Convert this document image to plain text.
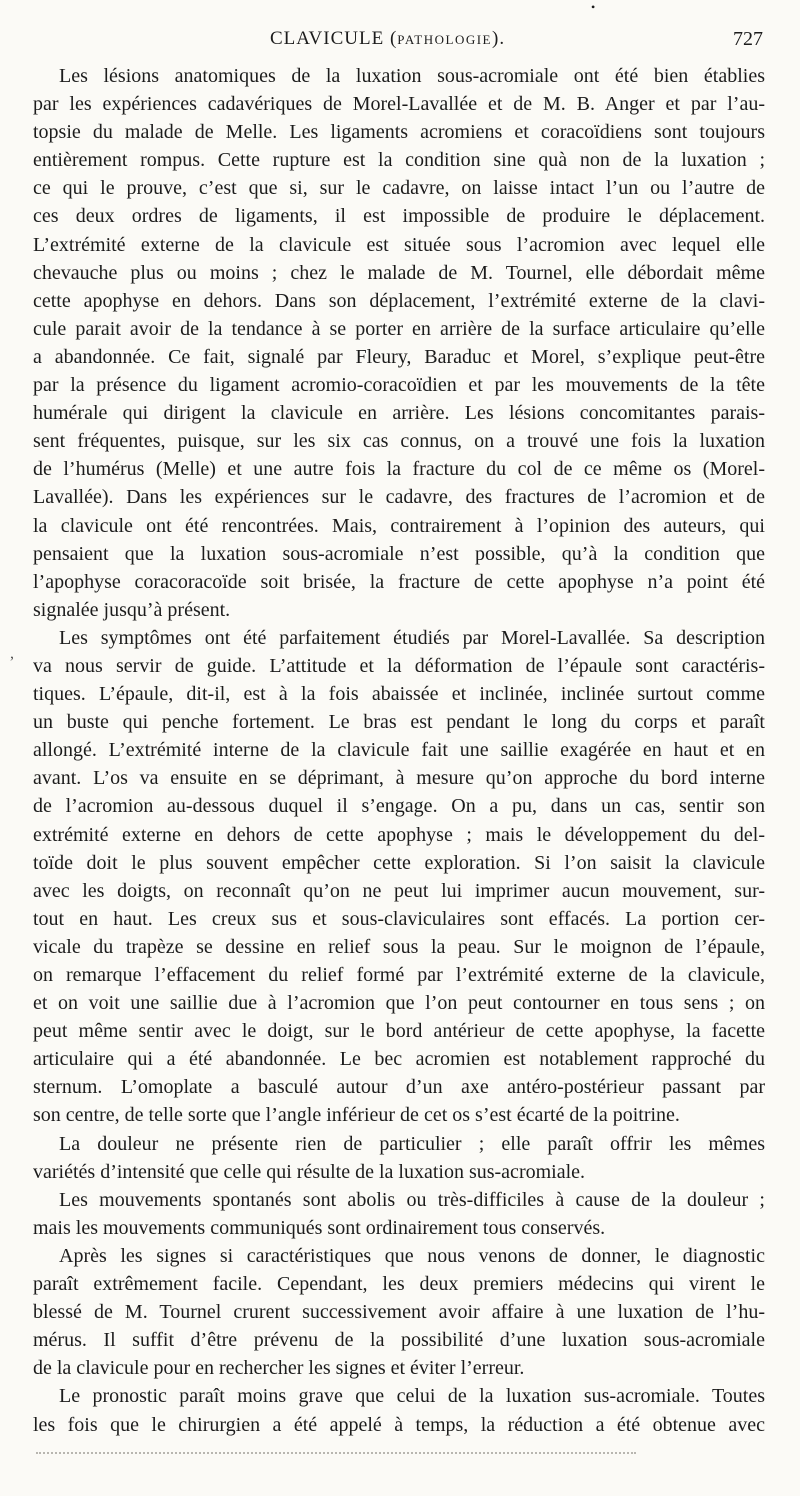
•
CLAVICULE (PATHOLOGIE).	727
,
Les lésions anatomiques de la luxation sous-acromiale ont été bien établies
par les expériences cadavériques de Morel-Lavallée et de M. B. Anger et par l’au-
topsie du malade de Melle. Les ligaments acromiens et coracoïdiens sont toujours
entièrement rompus. Cette rupture est la condition sine quà non de la luxation ;
ce qui le prouve, c’est que si, sur le cadavre, on laisse intact l’un ou l’autre de
ces deux ordres de ligaments, il est impossible de produire le déplacement.
L’extrémité externe de la clavicule est située sous l’acromion avec lequel elle
chevauche plus ou moins ; chez le malade de M. Tournel, elle débordait même
cette apophyse en dehors. Dans son déplacement, l’extrémité externe de la clavi-
cule parait avoir de la tendance à se porter en arrière de la surface articulaire qu’elle
a abandonnée. Ce fait, signalé par Fleury, Baraduc et Morel, s’explique peut-être
par la présence du ligament acromio-coracoïdien et par les mouvements de la tête
humérale qui dirigent la clavicule en arrière. Les lésions concomitantes parais-
sent fréquentes, puisque, sur les six cas connus, on a trouvé une fois la luxation
de l’humérus (Melle) et une autre fois la fracture du col de ce même os (Morel-
Lavallée). Dans les expériences sur le cadavre, des fractures de l’acromion et de
la clavicule ont été rencontrées. Mais, contrairement à l’opinion des auteurs, qui
pensaient que la luxation sous-acromiale n’est possible, qu’à la condition que
l’apophyse coracoracoïde soit brisée, la fracture de cette apophyse n’a point été
signalée jusqu’à présent.
Les symptômes ont été parfaitement étudiés par Morel-Lavallée. Sa description
va nous servir de guide. L’attitude et la déformation de l’épaule sont caractéris-
tiques. L’épaule, dit-il, est à la fois abaissée et inclinée, inclinée surtout comme
un buste qui penche fortement. Le bras est pendant le long du corps et paraît
allongé. L’extrémité interne de la clavicule fait une saillie exagérée en haut et en
avant. L’os va ensuite en se déprimant, à mesure qu’on approche du bord interne
de l’acromion au-dessous duquel il s’engage. On a pu, dans un cas, sentir son
extrémité externe en dehors de cette apophyse ; mais le développement du del-
toïde doit le plus souvent empêcher cette exploration. Si l’on saisit la clavicule
avec les doigts, on reconnaît qu’on ne peut lui imprimer aucun mouvement, sur-
tout en haut. Les creux sus et sous-claviculaires sont effacés. La portion cer-
vicale du trapèze se dessine en relief sous la peau. Sur le moignon de l’épaule,
on remarque l’effacement du relief formé par l’extrémité externe de la clavicule,
et on voit une saillie due à l’acromion que l’on peut contourner en tous sens ; on
peut même sentir avec le doigt, sur le bord antérieur de cette apophyse, la facette
articulaire qui a été abandonnée. Le bec acromien est notablement rapproché du
sternum. L’omoplate a basculé autour d’un axe antéro-postérieur passant par
son centre, de telle sorte que l’angle inférieur de cet os s’est écarté de la poitrine.
La douleur ne présente rien de particulier ; elle paraît offrir les mêmes
variétés d’intensité que celle qui résulte de la luxation sus-acromiale.
Les mouvements spontanés sont abolis ou très-difficiles à cause de la douleur ;
mais les mouvements communiqués sont ordinairement tous conservés.
Après les signes si caractéristiques que nous venons de donner, le diagnostic
paraît extrêmement facile. Cependant, les deux premiers médecins qui virent le
blessé de M. Tournel crurent successivement avoir affaire à une luxation de l’hu-
mérus. Il suffit d’être prévenu de la possibilité d’une luxation sous-acromiale
de la clavicule pour en rechercher les signes et éviter l’erreur.
Le pronostic paraît moins grave que celui de la luxation sus-acromiale. Toutes
les fois que le chirurgien a été appelé à temps, la réduction a été obtenue avec
